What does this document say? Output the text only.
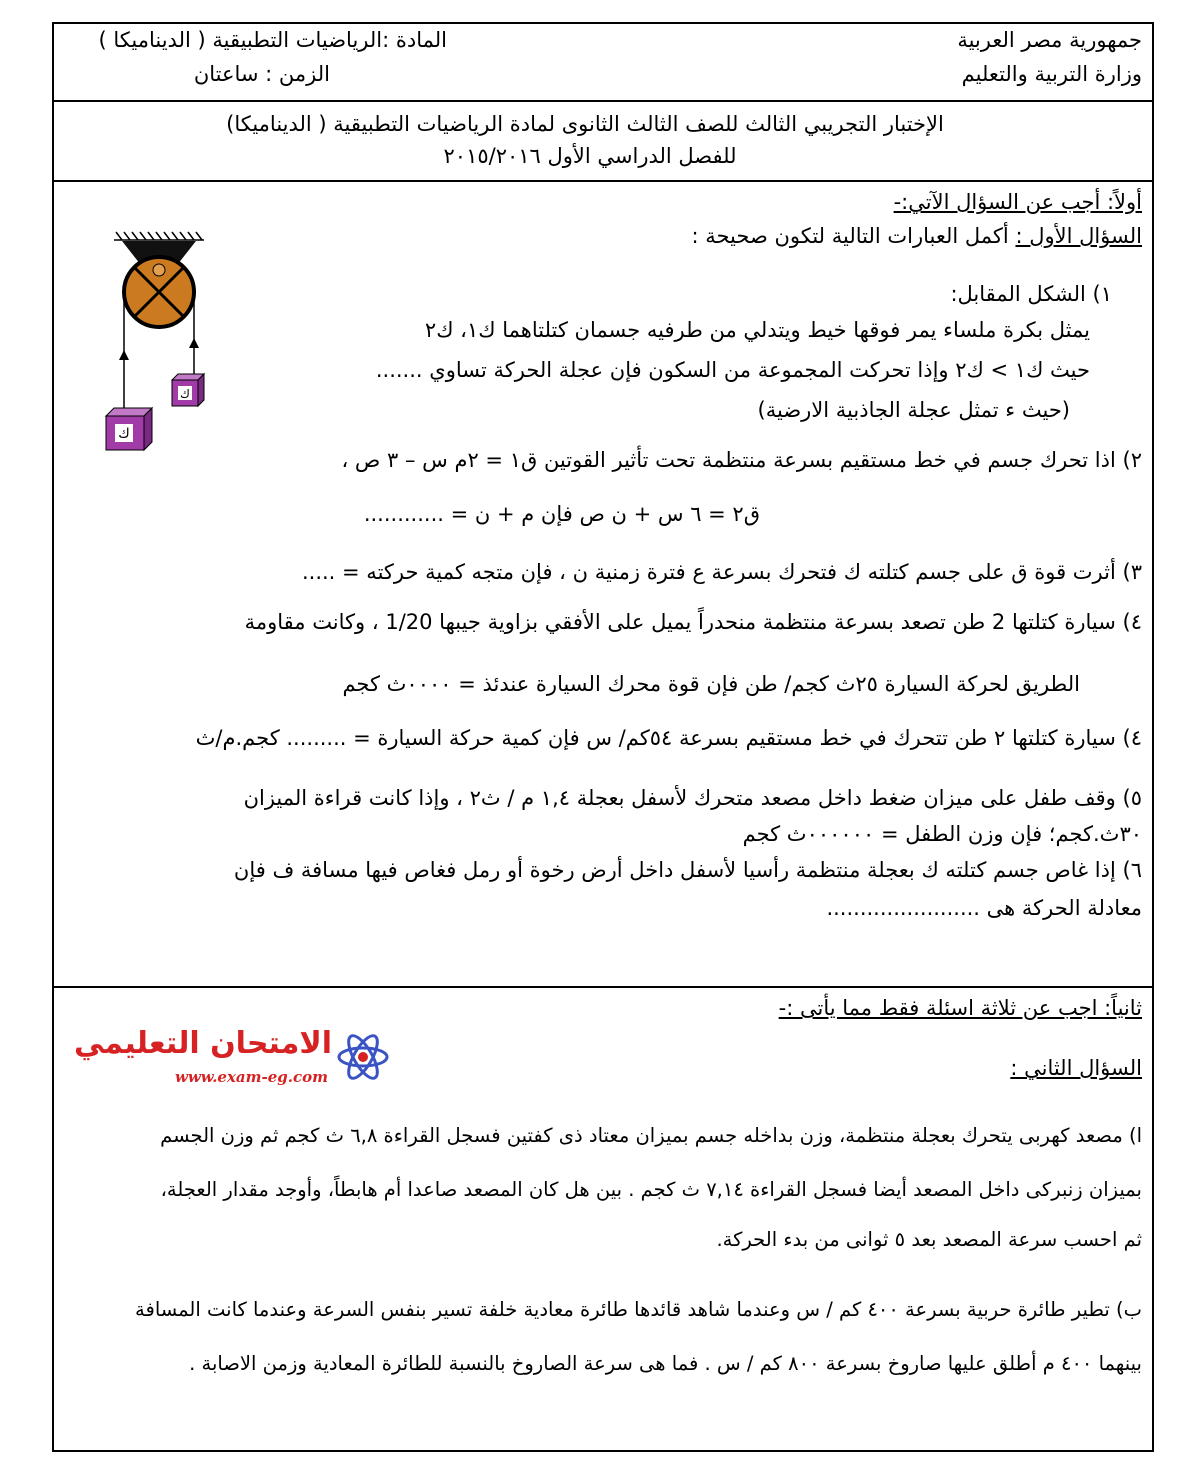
جمهورية مصر العربية
وزارة التربية والتعليم
المادة :الرياضيات التطبيقية ( الديناميكا )
الزمن : ساعتان
الإختبار التجريبي الثالث للصف الثالث الثانوى لمادة الرياضيات التطبيقية ( الديناميكا)
للفصل الدراسي الأول ٢٠١٥/٢٠١٦
أولاً: أجب عن السؤال الآتي:-
السؤال الأول : أكمل العبارات التالية لتكون صحيحة :
١) الشكل المقابل:
يمثل بكرة ملساء يمر فوقها خيط ويتدلي من طرفيه جسمان كتلتاهما ك١، ك٢
حيث ك١ > ك٢ وإذا تحركت المجموعة من السكون فإن عجلة الحركة تساوي .......
(حيث ء تمثل عجلة الجاذبية الارضية)
٢) اذا تحرك جسم في خط مستقيم بسرعة منتظمة تحت تأثير القوتين ق١ = ٢م س – ٣ ص ،
ق٢ = ٦ س + ن ص فإن م + ن = ............
٣) أثرت قوة ق على جسم كتلته ك فتحرك بسرعة ع فترة زمنية ن ، فإن متجه كمية حركته = .....
٤) سيارة كتلتها 2 طن تصعد بسرعة منتظمة منحدراً يميل على الأفقي بزاوية جيبها 1/20 ، وكانت مقاومة
الطريق لحركة السيارة ٢٥ث كجم/ طن فإن قوة محرك السيارة عندئذ = ٠٠٠٠ث كجم
٤) سيارة كتلتها ٢ طن تتحرك في خط مستقيم بسرعة ٥٤كم/ س فإن كمية حركة السيارة = ......... كجم.م/ث
٥) وقف طفل على ميزان ضغط داخل مصعد متحرك لأسفل بعجلة ١,٤ م / ث٢ ، وإذا كانت قراءة الميزان
٣٠ث.كجم؛ فإن وزن الطفل = ٠٠٠٠٠٠ث كجم
٦) إذا غاص جسم كتلته ك بعجلة منتظمة رأسيا لأسفل داخل أرض رخوة أو رمل فغاص فيها مسافة ف فإن
معادلة الحركة هى .......................
ك
ك
ثانياً: اجب عن ثلاثة اسئلة فقط مما يأتى :-
الامتحان التعليمي
www.exam-eg.com	السؤال الثاني :
ا) مصعد كهربى يتحرك بعجلة منتظمة، وزن بداخله جسم بميزان معتاد ذى كفتين فسجل القراءة ٦,٨ ث كجم ثم وزن الجسم
بميزان زنبركى داخل المصعد أيضا فسجل القراءة ٧,١٤ ث كجم . بين هل كان المصعد صاعدا أم هابطاً، وأوجد مقدار العجلة،
ثم احسب سرعة المصعد بعد ٥ ثوانى من بدء الحركة.
ب) تطير طائرة حربية بسرعة ٤٠٠ كم / س وعندما شاهد قائدها طائرة معادية خلفة تسير بنفس السرعة وعندما كانت المسافة
بينهما ٤٠٠ م أطلق عليها صاروخ بسرعة ٨٠٠ كم / س . فما هى سرعة الصاروخ بالنسبة للطائرة المعادية وزمن الاصابة .
